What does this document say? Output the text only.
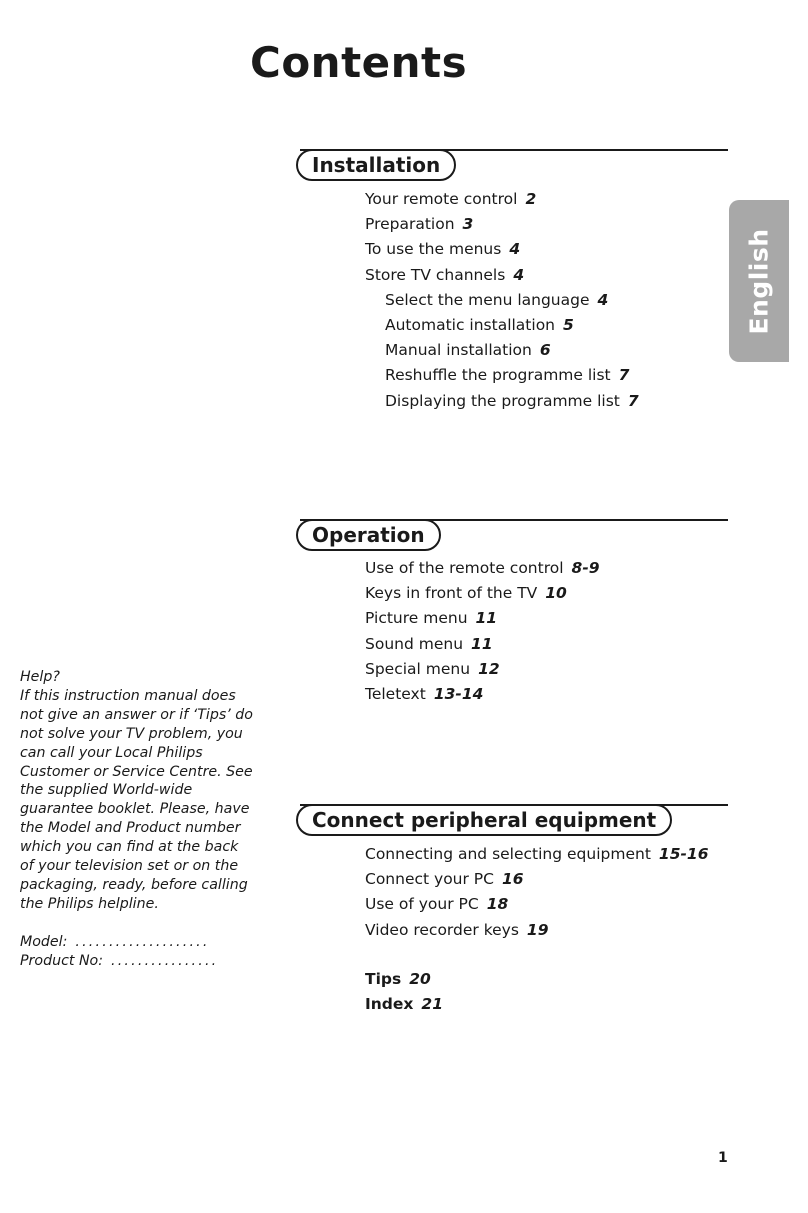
Contents
English
Installation
Your remote control 2
Preparation 3
To use the menus 4
Store TV channels 4
Select the menu language 4
Automatic installation 5
Manual installation 6
Reshuffle the programme list 7
Displaying the programme list 7
Operation
Use of the remote control 8-9
Keys in front of the TV 10
Picture menu 11
Sound menu 11
Special menu 12
Teletext 13-14
Connect peripheral equipment
Connecting and selecting equipment 15-16
Connect your PC 16
Use of your PC 18
Video recorder keys 19
Tips 20
Index 21

Help?

If this instruction manual does not give an answer or if ‘Tips’ do not solve your TV problem, you can call your Local Philips Customer or Service Centre. See the supplied World-wide guarantee booklet. Please, have the Model and Product number which you can find at the back of your television set or on the packaging, ready, before calling the Philips helpline.

Model: ....................
Product No: ................
1
